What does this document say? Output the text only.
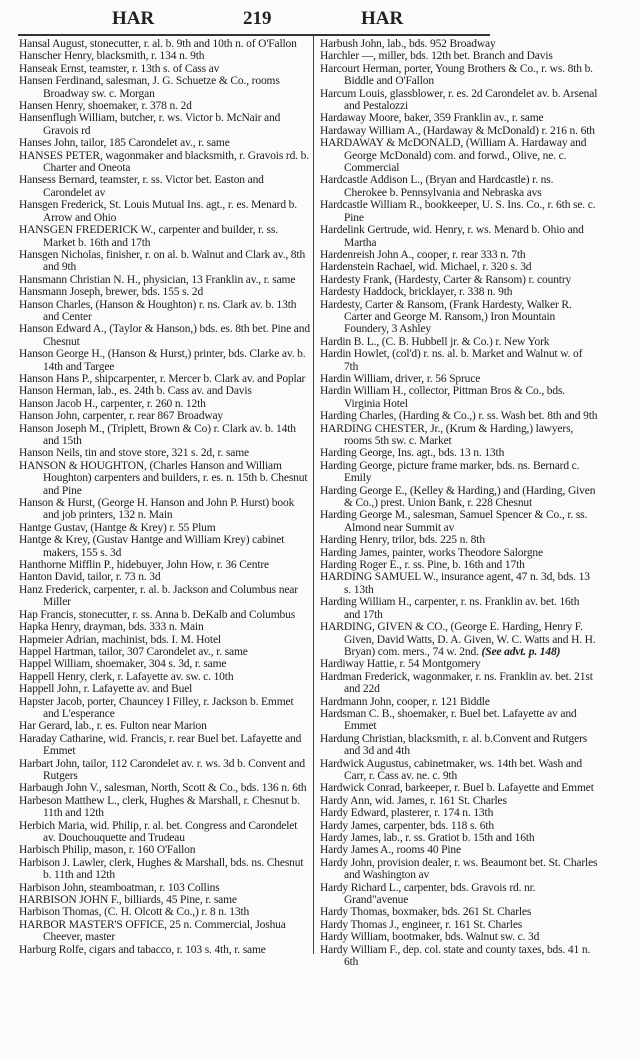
HAR	219	HAR

Hansal August, stonecutter, r. al. b. 9th and 10th n. of O'Fallon

Hanscher Henry, blacksmith, r. 134 n. 9th

Hanseak Ernst, teamster, r. 13th s. of Cass av

Hansen Ferdinand, salesman, J. G. Schuetze & Co., rooms Broadway sw. c. Morgan

Hansen Henry, shoemaker, r. 378 n. 2d

Hansenflugh William, butcher, r. ws. Victor b. McNair and Gravois rd

Hanses John, tailor, 185 Carondelet av., r. same

HANSES PETER, wagonmaker and blacksmith, r. Gravois rd. b. Charter and Oneota

Hansess Bernard, teamster, r. ss. Victor bet. Easton and Carondelet av

Hansgen Frederick, St. Louis Mutual Ins. agt., r. es. Menard b. Arrow and Ohio

HANSGEN FREDERICK W., carpenter and builder, r. ss. Market b. 16th and 17th

Hansgen Nicholas, finisher, r. on al. b. Walnut and Clark av., 8th and 9th

Hansmann Christian N. H., physician, 13 Franklin av., r. same

Hansmann Joseph, brewer, bds. 155 s. 2d

Hanson Charles, (Hanson & Houghton) r. ns. Clark av. b. 13th and Center

Hanson Edward A., (Taylor & Hanson,) bds. es. 8th bet. Pine and Chesnut

Hanson George H., (Hanson & Hurst,) printer, bds. Clarke av. b. 14th and Targee

Hanson Hans P., shipcarpenter, r. Mercer b. Clark av. and Poplar

Hanson Herman, lab., es. 24th b. Cass av. and Davis

Hanson Jacob H., carpenter, r. 260 n. 12th

Hanson John, carpenter, r. rear 867 Broadway

Hanson Joseph M., (Triplett, Brown & Co) r. Clark av. b. 14th and 15th

Hanson Neils, tin and stove store, 321 s. 2d, r. same

HANSON & HOUGHTON, (Charles Hanson and William Houghton) carpenters and builders, r. es. n. 15th b. Chesnut and Pine

Hanson & Hurst, (George H. Hanson and John P. Hurst) book and job printers, 132 n. Main

Hantge Gustav, (Hantge & Krey) r. 55 Plum

Hantge & Krey, (Gustav Hantge and William Krey) cabinet makers, 155 s. 3d

Hanthorne Mifflin P., hidebuyer, John How, r. 36 Centre

Hanton David, tailor, r. 73 n. 3d

Hanz Frederick, carpenter, r. al. b. Jackson and Columbus near Miller

Hap Francis, stonecutter, r. ss. Anna b. DeKalb and Columbus

Hapka Henry, drayman, bds. 333 n. Main

Hapmeier Adrian, machinist, bds. I. M. Hotel

Happel Hartman, tailor, 307 Carondelet av., r. same

Happel William, shoemaker, 304 s. 3d, r. same

Happell Henry, clerk, r. Lafayette av. sw. c. 10th

Happell John, r. Lafayette av. and Buel

Hapster Jacob, porter, Chauncey I Filley, r. Jackson b. Emmet and L'esperance

Har Gerard, lab., r. es. Fulton near Marion

Haraday Catharine, wid. Francis, r. rear Buel bet. Lafayette and Emmet

Harbart John, tailor, 112 Carondelet av. r. ws. 3d b. Convent and Rutgers

Harbaugh John V., salesman, North, Scott & Co., bds. 136 n. 6th

Harbeson Matthew L., clerk, Hughes & Marshall, r. Chesnut b. 11th and 12th

Herbich Maria, wid. Philip, r. al. bet. Congress and Carondelet av. Douchouquette and Trudeau

Harbisch Philip, mason, r. 160 O'Fallon

Harbison J. Lawler, clerk, Hughes & Marshall, bds. ns. Chesnut b. 11th and 12th

Harbison John, steamboatman, r. 103 Collins

HARBISON JOHN F., billiards, 45 Pine, r. same

Harbison Thomas, (C. H. Olcott & Co.,) r. 8 n. 13th

HARBOR MASTER'S OFFICE, 25 n. Commercial, Joshua Cheever, master

Harburg Rolfe, cigars and tabacco, r. 103 s. 4th, r. same

Harbush John, lab., bds. 952 Broadway

Harchler —, miller, bds. 12th bet. Branch and Davis

Harcourt Herman, porter, Young Brothers & Co., r. ws. 8th b. Biddle and O'Fallon

Harcum Louis, glassblower, r. es. 2d Carondelet av. b. Arsenal and Pestalozzi

Hardaway Moore, baker, 359 Franklin av., r. same

Hardaway William A., (Hardaway & McDonald) r. 216 n. 6th

HARDAWAY & McDONALD, (William A. Hardaway and George McDonald) com. and forwd., Olive, ne. c. Commercial

Hardcastle Addison L., (Bryan and Hardcastle) r. ns. Cherokee b. Pennsylvania and Nebraska avs

Hardcastle William R., bookkeeper, U. S. Ins. Co., r. 6th se. c. Pine

Hardelink Gertrude, wid. Henry, r. ws. Menard b. Ohio and Martha

Hardenreish John A., cooper, r. rear 333 n. 7th

Hardenstein Rachael, wid. Michael, r. 320 s. 3d

Hardesty Frank, (Hardesty, Carter & Ransom) r. country

Hardesty Haddock, bricklayer, r. 338 n. 9th

Hardesty, Carter & Ransom, (Frank Hardesty, Walker R. Carter and George M. Ransom,) Iron Mountain Foundery, 3 Ashley

Hardin B. L., (C. B. Hubbell jr. & Co.) r. New York

Hardin Howlet, (col'd) r. ns. al. b. Market and Walnut w. of 7th

Hardin William, driver, r. 56 Spruce

Hardin William H., collector, Pittman Bros & Co., bds. Virginia Hotel

Harding Charles, (Harding & Co.,) r. ss. Wash bet. 8th and 9th

HARDING CHESTER, Jr., (Krum & Harding,) lawyers, rooms 5th sw. c. Market

Harding George, Ins. agt., bds. 13 n. 13th

Harding George, picture frame marker, bds. ns. Bernard c. Emily

Harding George E., (Kelley & Harding,) and (Harding, Given & Co.,) prest. Union Bank, r. 228 Chesnut

Harding George M., salesman, Samuel Spencer & Co., r. ss. Almond near Summit av

Harding Henry, trilor, bds. 225 n. 8th

Harding James, painter, works Theodore Salorgne

Harding Roger E., r. ss. Pine, b. 16th and 17th

HARDING SAMUEL W., insurance agent, 47 n. 3d, bds. 13 s. 13th

Harding William H., carpenter, r. ns. Franklin av. bet. 16th and 17th

HARDING, GIVEN & CO., (George E. Harding, Henry F. Given, David Watts, D. A. Given, W. C. Watts and H. H. Bryan) com. mers., 74 w. 2nd. (See advt. p. 148)

Hardiway Hattie, r. 54 Montgomery

Hardman Frederick, wagonmaker, r. ns. Franklin av. bet. 21st and 22d

Hardmann John, cooper, r. 121 Biddle

Hardsman C. B., shoemaker, r. Buel bet. Lafayette av and Emmet

Hardung Christian, blacksmith, r. al. b.Convent and Rutgers and 3d and 4th

Hardwick Augustus, cabinetmaker, ws. 14th bet. Wash and Carr, r. Cass av. ne. c. 9th

Hardwick Conrad, barkeeper, r. Buel b. Lafayette and Emmet

Hardy Ann, wid. James, r. 161 St. Charles

Hardy Edward, plasterer, r. 174 n. 13th

Hardy James, carpenter, bds. 118 s. 6th

Hardy James, lab., r. ss. Gratiot b. 15th and 16th

Hardy James A., rooms 40 Pine

Hardy John, provision dealer, r. ws. Beaumont bet. St. Charles and Washington av

Hardy Richard L., carpenter, bds. Gravois rd. nr. Grand"avenue

Hardy Thomas, boxmaker, bds. 261 St. Charles

Hardy Thomas J., engineer, r. 161 St. Charles

Hardy William, bootmaker, bds. Walnut sw. c. 3d

Hardy William F., dep. col. state and county taxes, bds. 41 n. 6th
